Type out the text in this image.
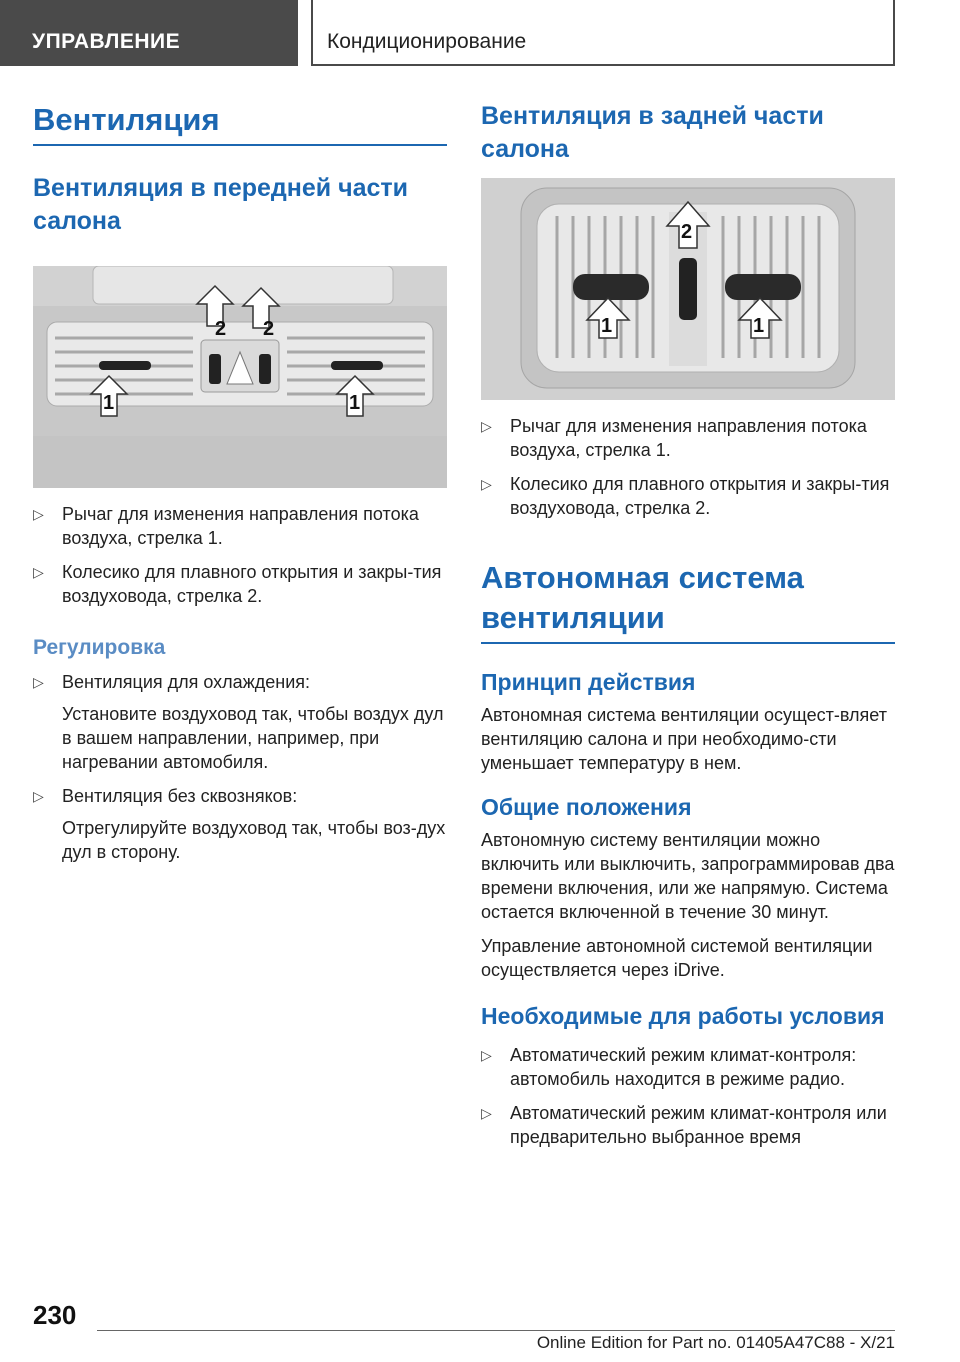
УПРАВЛЕНИЕ	Кондиционирование
Вентиляция
Вентиляция в передней части салона
2 2
1	1
▷ Рычаг для изменения направления потока воздуха, стрелка 1.
▷ Колесико для плавного открытия и закры-тия воздуховода, стрелка 2.
Регулировка
▷ Вентиляция для охлаждения:
Установите воздуховод так, чтобы воздух дул в вашем направлении, например, при нагревании автомобиля.
▷ Вентиляция без сквозняков:
Отрегулируйте воздуховод так, чтобы воз-дух дул в сторону.
Вентиляция в задней части салона
2
1	1
▷ Рычаг для изменения направления потока воздуха, стрелка 1.
▷ Колесико для плавного открытия и закры-тия воздуховода, стрелка 2.
Автономная система вентиляции
Принцип действия
Автономная система вентиляции осущест-вляет вентиляцию салона и при необходимо-сти уменьшает температуру в нем.
Общие положения
Автономную систему вентиляции можно включить или выключить, запрограммировав два времени включения, или же напрямую. Система остается включенной в течение 30 минут.
Управление автономной системой вентиляции осуществляется через iDrive.
Необходимые для работы условия
▷ Автоматический режим климат-контроля: автомобиль находится в режиме радио.
▷ Автоматический режим климат-контроля или предварительно выбранное время
230
Online Edition for Part no. 01405A47C88 - X/21
